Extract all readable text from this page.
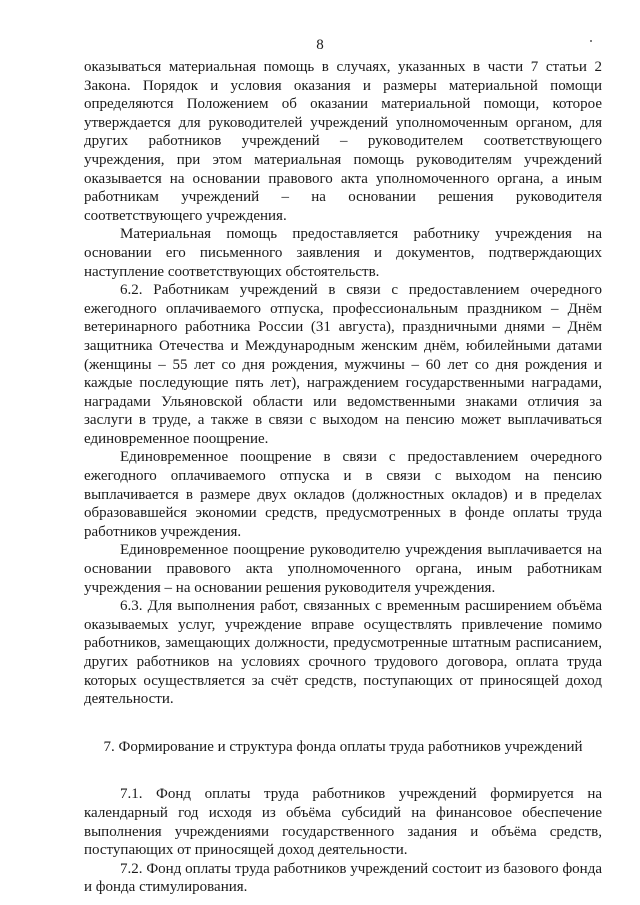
8

оказываться материальная помощь в случаях, указанных в части 7 статьи 2 Закона. Порядок и условия оказания и размеры материальной помощи определяются Положением об оказании материальной помощи, которое утверждается для руководителей учреждений уполномоченным органом, для других работников учреждений – руководителем соответствующего учреждения, при этом материальная помощь руководителям учреждений оказывается на основании правового акта уполномоченного органа, а иным работникам учреждений – на основании решения руководителя соответствующего учреждения.

Материальная помощь предоставляется работнику учреждения на основании его письменного заявления и документов, подтверждающих наступление соответствующих обстоятельств.

6.2. Работникам учреждений в связи с предоставлением очередного ежегодного оплачиваемого отпуска, профессиональным праздником – Днём ветеринарного работника России (31 августа), праздничными днями – Днём защитника Отечества и Международным женским днём, юбилейными датами (женщины – 55 лет со дня рождения, мужчины – 60 лет со дня рождения и каждые последующие пять лет), награждением государственными наградами, наградами Ульяновской области или ведомственными знаками отличия за заслуги в труде, а также в связи с выходом на пенсию может выплачиваться единовременное поощрение.

Единовременное поощрение в связи с предоставлением очередного ежегодного оплачиваемого отпуска и в связи с выходом на пенсию выплачивается в размере двух окладов (должностных окладов) и в пределах образовавшейся экономии средств, предусмотренных в фонде оплаты труда работников учреждения.

Единовременное поощрение руководителю учреждения выплачивается на основании правового акта уполномоченного органа, иным работникам учреждения – на основании решения руководителя учреждения.

6.3. Для выполнения работ, связанных с временным расширением объёма оказываемых услуг, учреждение вправе осуществлять привлечение помимо работников, замещающих должности, предусмотренные штатным расписанием, других работников на условиях срочного трудового договора, оплата труда которых осуществляется за счёт средств, поступающих от приносящей доход деятельности.

7. Формирование и структура фонда оплаты труда работников учреждений

7.1. Фонд оплаты труда работников учреждений формируется на календарный год исходя из объёма субсидий на финансовое обеспечение выполнения учреждениями государственного задания и объёма средств, поступающих от приносящей доход деятельности.

7.2. Фонд оплаты труда работников учреждений состоит из базового фонда и фонда стимулирования.
